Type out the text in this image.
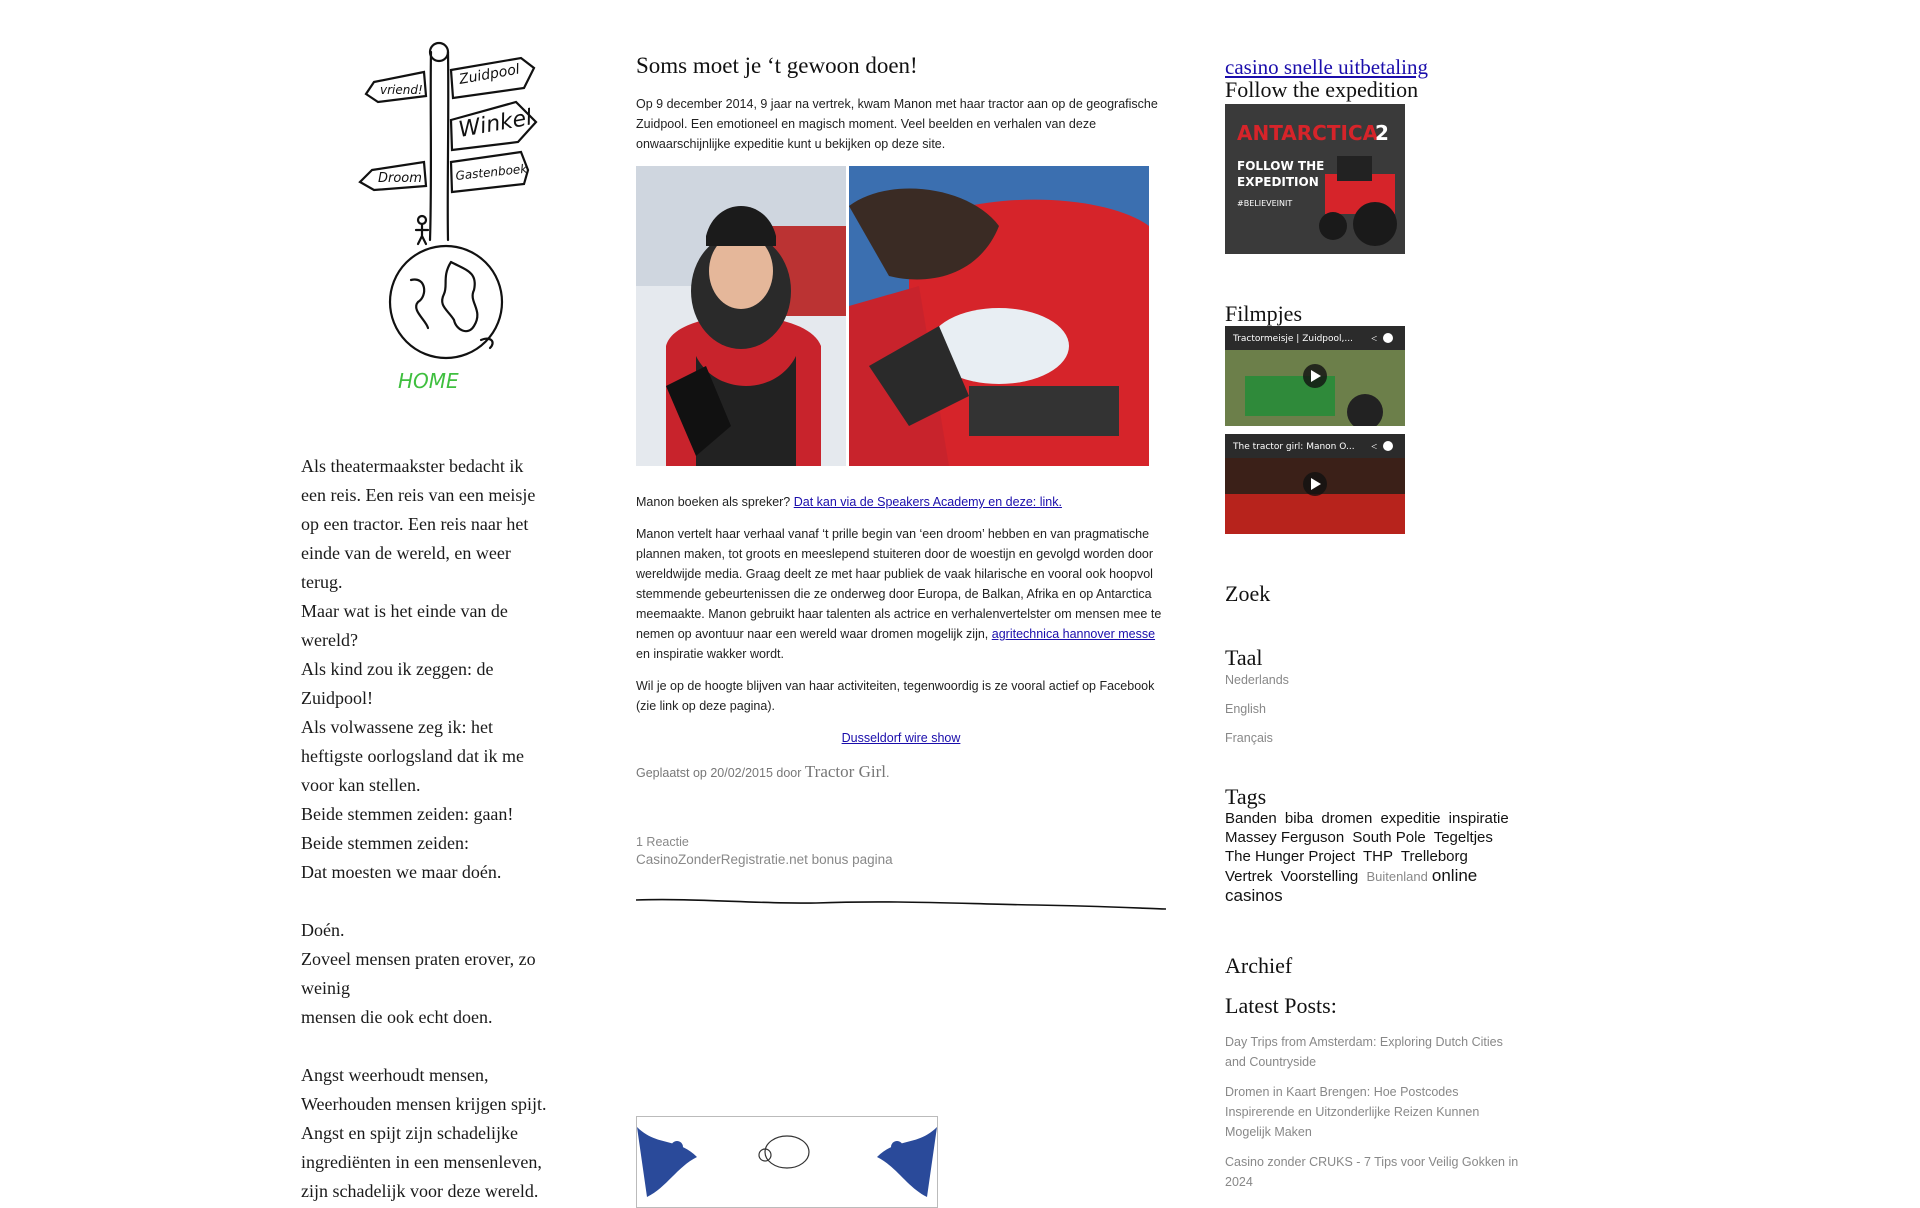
vriend!
Zuidpool
Winkel
Droom	Gastenboek
HOME

Als theatermaakster bedacht ik

een reis. Een reis van een meisje

op een tractor. Een reis naar het

einde van de wereld, en weer

terug.

Maar wat is het einde van de

wereld?

Als kind zou ik zeggen: de

Zuidpool!

Als volwassene zeg ik: het

heftigste oorlogsland dat ik me

voor kan stellen.

Beide stemmen zeiden: gaan!

Beide stemmen zeiden:

Dat moesten we maar doén.

Doén.

Zoveel mensen praten erover, zo

weinig

mensen die ook echt doen.

Angst weerhoudt mensen,

Weerhouden mensen krijgen spijt.

Angst en spijt zijn schadelijke

ingrediënten in een mensenleven,

zijn schadelijk voor deze wereld.

Soms moet je ‘t gewoon doen!

Op 9 december 2014, 9 jaar na vertrek, kwam Manon met haar tractor aan op de geografische Zuidpool. Een emotioneel en magisch moment. Veel beelden en verhalen van deze onwaarschijnlijke expeditie kunt u bekijken op deze site.

Manon boeken als spreker? Dat kan via de Speakers Academy en deze: link.

Manon vertelt haar verhaal vanaf ‘t prille begin van ‘een droom’ hebben en van pragmatische plannen maken, tot groots en meeslepend stuiteren door de woestijn en gevolgd worden door wereldwijde media. Graag deelt ze met haar publiek de vaak hilarische en vooral ook hoopvol stemmende gebeurtenissen die ze onderweg door Europa, de Balkan, Afrika en op Antarctica meemaakte. Manon gebruikt haar talenten als actrice en verhalenvertelster om mensen mee te nemen op avontuur naar een wereld waar dromen mogelijk zijn, agritechnica hannover messe en inspiratie wakker wordt.

Wil je op de hoogte blijven van haar activiteiten, tegenwoordig is ze vooral actief op Facebook (zie link op deze pagina).

Dusseldorf wire show

Geplaatst op 20/02/2015 door Tractor Girl.
1 Reactie
CasinoZonderRegistratie.net bonus pagina
casino snelle uitbetaling
Follow the expedition
ANTARCTICA
2
FOLLOW THE
EXPEDITION
#BELIEVEINIT
Filmpjes
Tractormeisje | Zuidpool,... <
The tractor girl: Manon O... <
Zoek
Taal
Nederlands
English
Français
Tags
Banden biba dromen expeditie inspiratie Massey Ferguson South Pole Tegeltjes The Hunger Project THP Trelleborg Vertrek Voorstelling Buitenland online casinos
Archief
Latest Posts:
Day Trips from Amsterdam: Exploring Dutch Cities and Countryside
Dromen in Kaart Brengen: Hoe Postcodes Inspirerende en Uitzonderlijke Reizen Kunnen Mogelijk Maken
Casino zonder CRUKS - 7 Tips voor Veilig Gokken in 2024
